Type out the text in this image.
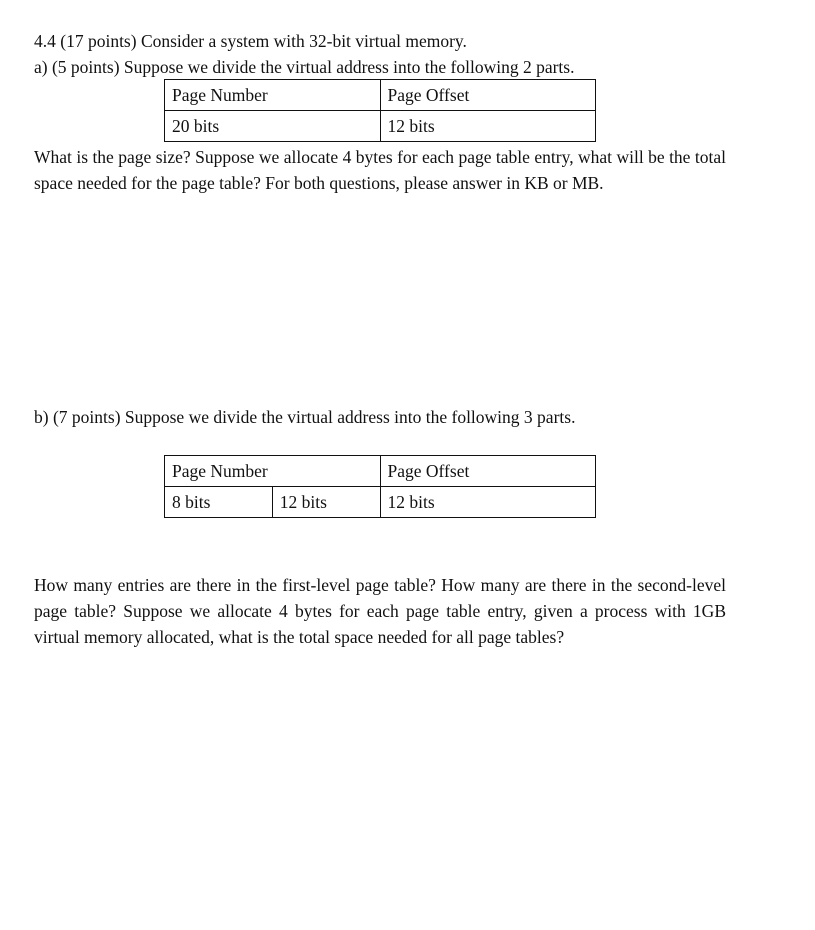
4.4 (17 points) Consider a system with 32-bit virtual memory.
a) (5 points) Suppose we divide the virtual address into the following 2 parts.
Page Number	Page Offset
20 bits	12 bits
What is the page size? Suppose we allocate 4 bytes for each page table entry, what will be the total space needed for the page table? For both questions, please answer in KB or MB.
b) (7 points) Suppose we divide the virtual address into the following 3 parts.
Page Number		Page Offset
8 bits	12 bits	12 bits
How many entries are there in the first-level page table? How many are there in the second-level page table? Suppose we allocate 4 bytes for each page table entry, given a process with 1GB virtual memory allocated, what is the total space needed for all page tables?
